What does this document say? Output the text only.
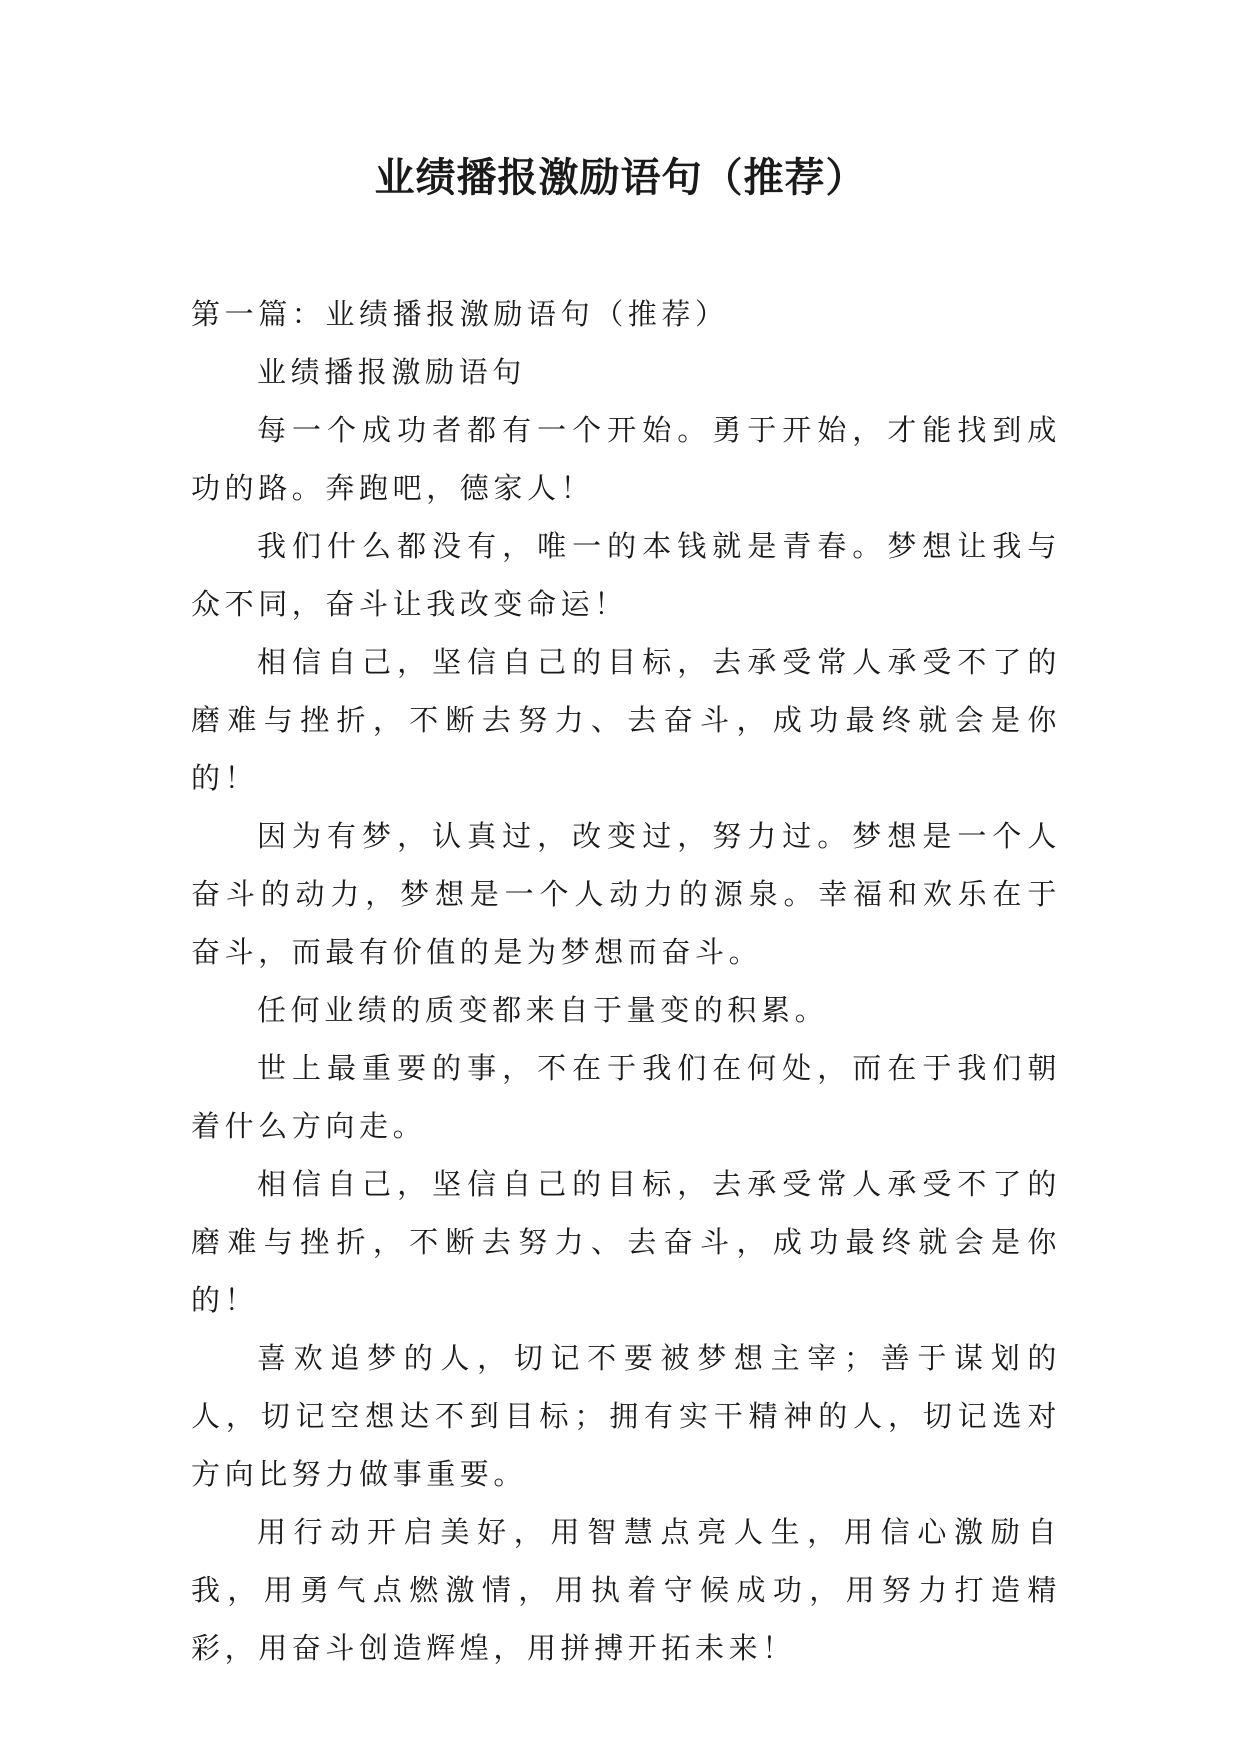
业绩播报激励语句（推荐）

第一篇：业绩播报激励语句（推荐）

业绩播报激励语句

每一个成功者都有一个开始。勇于开始，才能找到成功的路。奔跑吧，德家人！

我们什么都没有，唯一的本钱就是青春。梦想让我与众不同，奋斗让我改变命运！

相信自己，坚信自己的目标，去承受常人承受不了的磨难与挫折，不断去努力、去奋斗，成功最终就会是你的！

因为有梦，认真过，改变过，努力过。梦想是一个人奋斗的动力，梦想是一个人动力的源泉。幸福和欢乐在于奋斗，而最有价值的是为梦想而奋斗。

任何业绩的质变都来自于量变的积累。

世上最重要的事，不在于我们在何处，而在于我们朝着什么方向走。

相信自己，坚信自己的目标，去承受常人承受不了的磨难与挫折，不断去努力、去奋斗，成功最终就会是你的！

喜欢追梦的人，切记不要被梦想主宰；善于谋划的人，切记空想达不到目标；拥有实干精神的人，切记选对方向比努力做事重要。

用行动开启美好，用智慧点亮人生，用信心激励自我，用勇气点燃激情，用执着守候成功，用努力打造精彩，用奋斗创造辉煌，用拼搏开拓未来！
